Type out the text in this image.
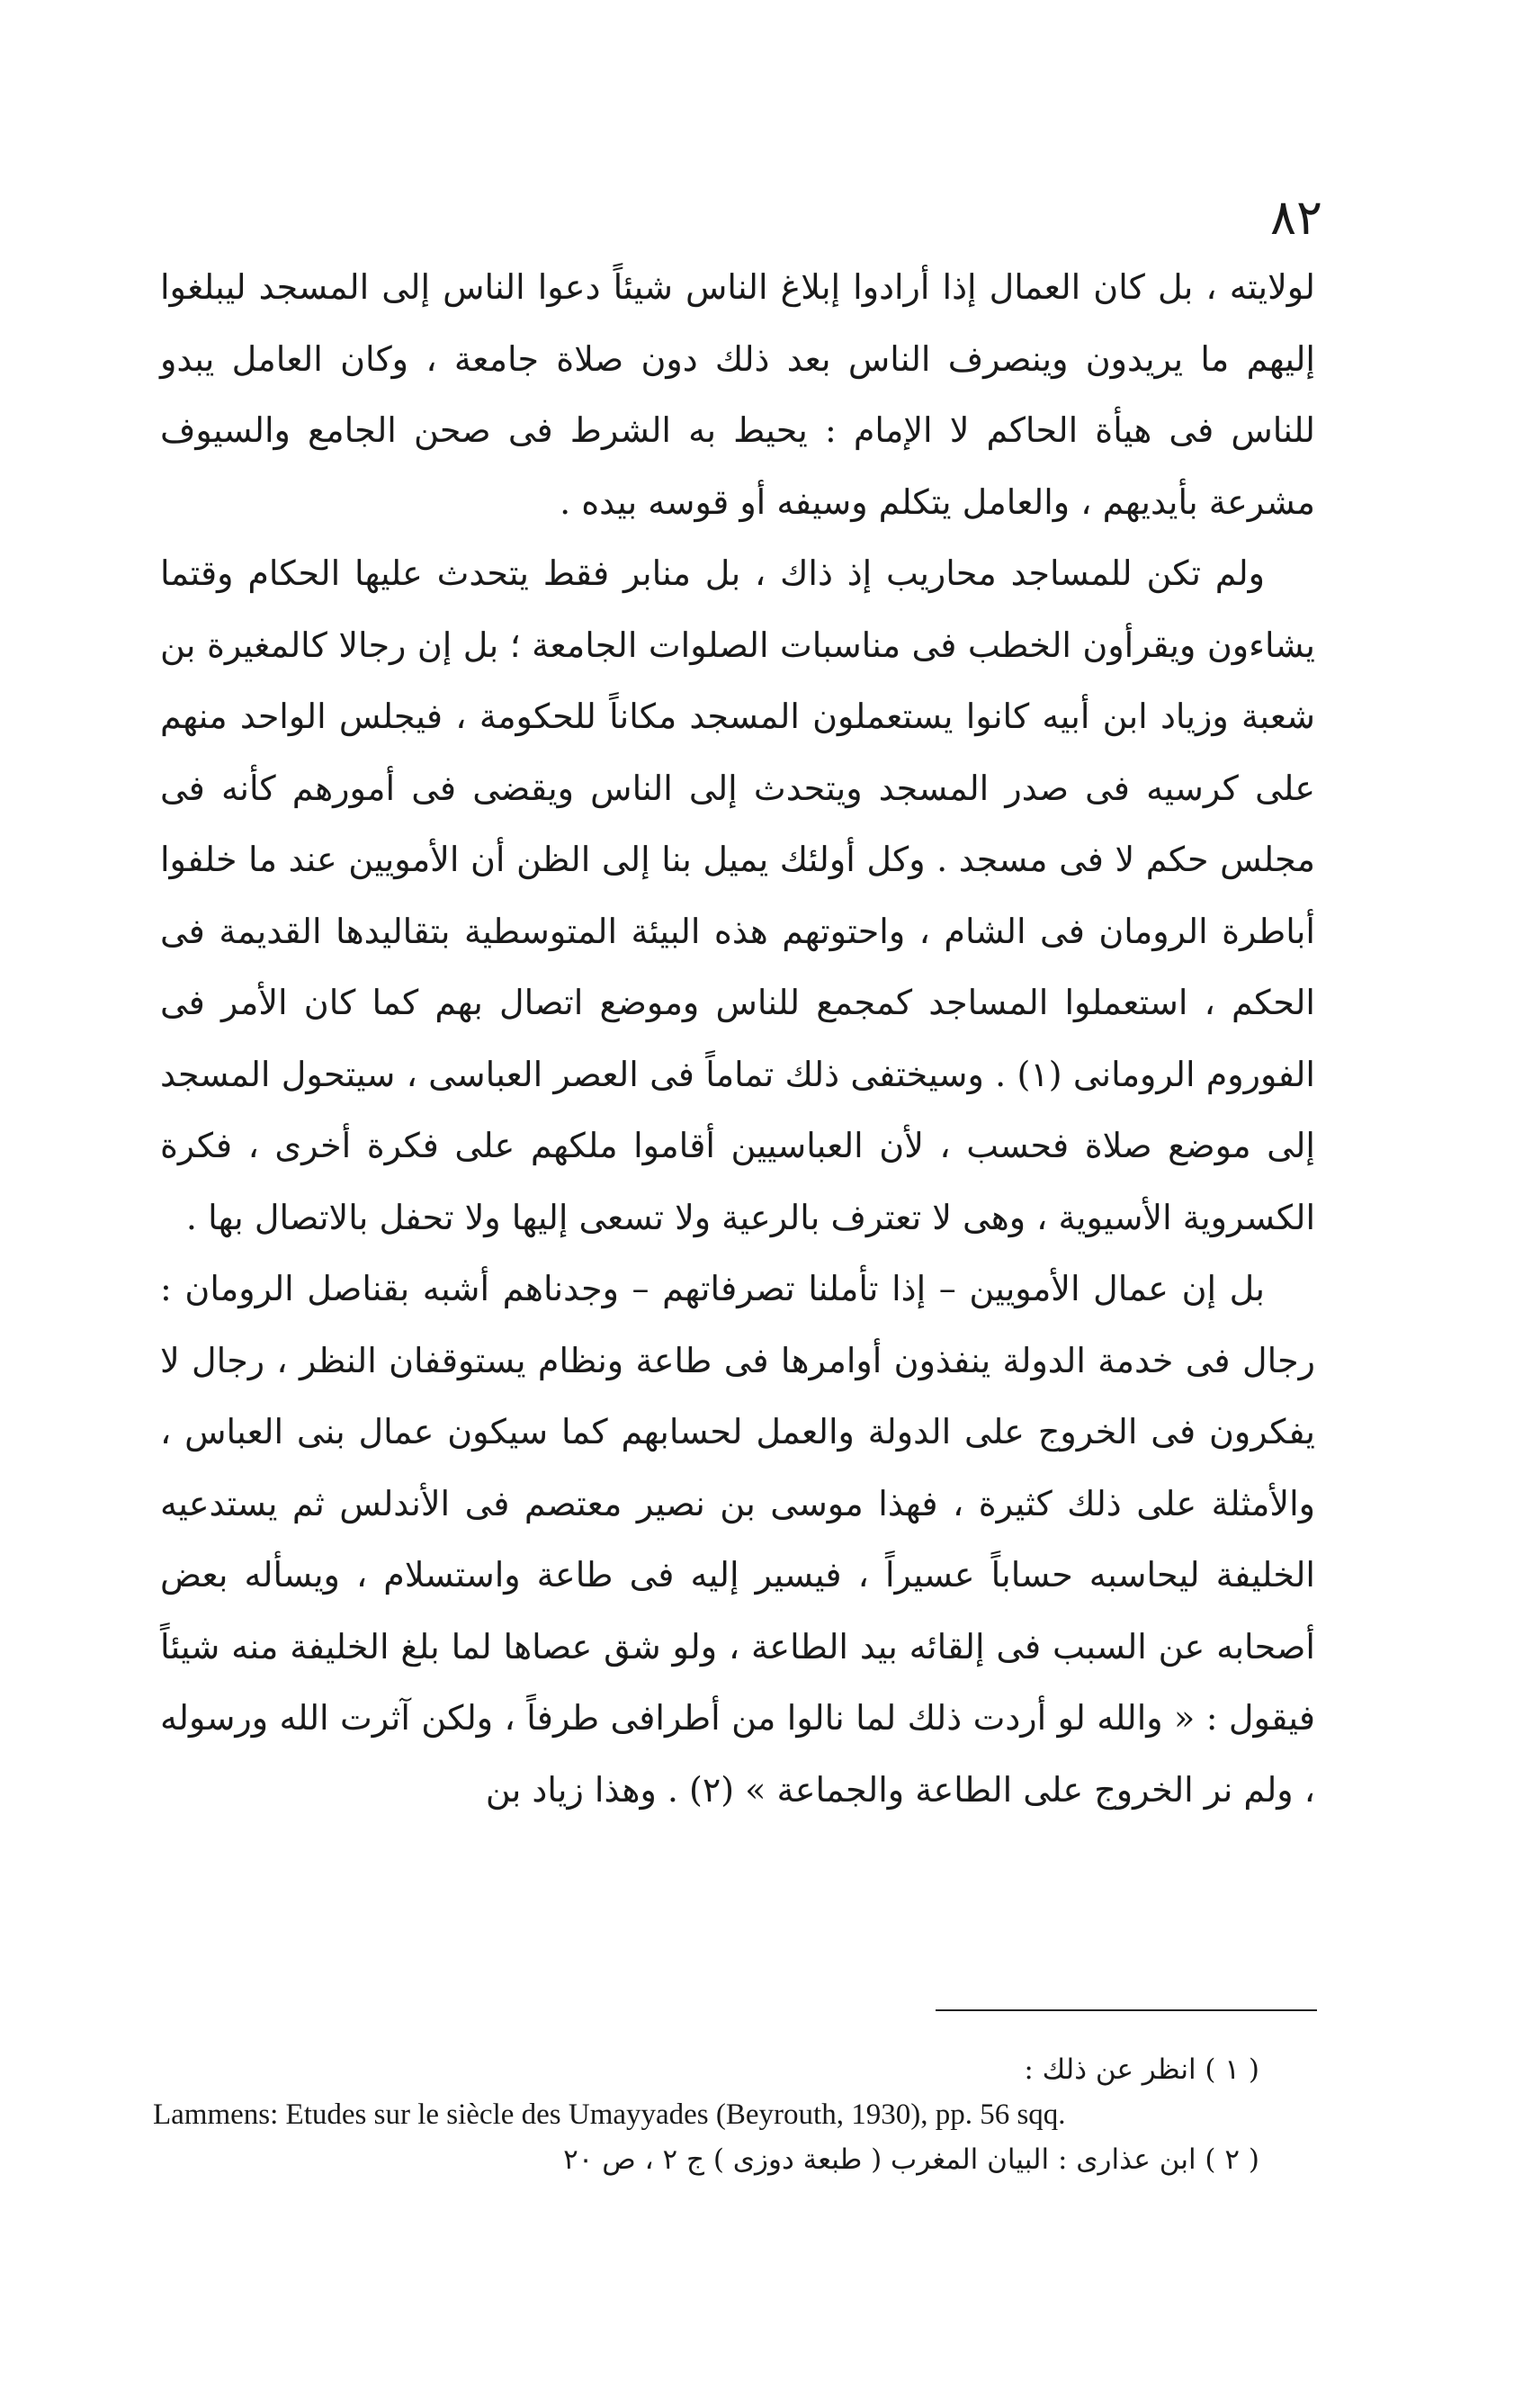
٨٢

لولايته ، بل كان العمال إذا أرادوا إبلاغ الناس شيئاً دعوا الناس إلى المسجد ليبلغوا إليهم ما يريدون وينصرف الناس بعد ذلك دون صلاة جامعة ، وكان العامل يبدو للناس فى هيأة الحاكم لا الإمام : يحيط به الشرط فى صحن الجامع والسيوف مشرعة بأيديهم ، والعامل يتكلم وسيفه أو قوسه بيده .

ولم تكن للمساجد محاريب إذ ذاك ، بل منابر فقط يتحدث عليها الحكام وقتما يشاءون ويقرأون الخطب فى مناسبات الصلوات الجامعة ؛ بل إن رجالا كالمغيرة بن شعبة وزياد ابن أبيه كانوا يستعملون المسجد مكاناً للحكومة ، فيجلس الواحد منهم على كرسيه فى صدر المسجد ويتحدث إلى الناس ويقضى فى أمورهم كأنه فى مجلس حكم لا فى مسجد . وكل أولئك يميل بنا إلى الظن أن الأمويين عند ما خلفوا أباطرة الرومان فى الشام ، واحتوتهم هذه البيئة المتوسطية بتقاليدها القديمة فى الحكم ، استعملوا المساجد كمجمع للناس وموضع اتصال بهم كما كان الأمر فى الفوروم الرومانى (١) . وسيختفى ذلك تماماً فى العصر العباسى ، سيتحول المسجد إلى موضع صلاة فحسب ، لأن العباسيين أقاموا ملكهم على فكرة أخرى ، فكرة الكسروية الأسيوية ، وهى لا تعترف بالرعية ولا تسعى إليها ولا تحفل بالاتصال بها .

بل إن عمال الأمويين – إذا تأملنا تصرفاتهم – وجدناهم أشبه بقناصل الرومان : رجال فى خدمة الدولة ينفذون أوامرها فى طاعة ونظام يستوقفان النظر ، رجال لا يفكرون فى الخروج على الدولة والعمل لحسابهم كما سيكون عمال بنى العباس ، والأمثلة على ذلك كثيرة ، فهذا موسى بن نصير معتصم فى الأندلس ثم يستدعيه الخليفة ليحاسبه حساباً عسيراً ، فيسير إليه فى طاعة واستسلام ، ويسأله بعض أصحابه عن السبب فى إلقائه بيد الطاعة ، ولو شق عصاها لما بلغ الخليفة منه شيئاً فيقول : « والله لو أردت ذلك لما نالوا من أطرافى طرفاً ، ولكن آثرت الله ورسوله ، ولم نر الخروج على الطاعة والجماعة » (٢) . وهذا زياد بن

( ١ ) انظر عن ذلك :

Lammens: Etudes sur le siècle des Umayyades (Beyrouth, 1930), pp. 56 sqq.

( ٢ ) ابن عذارى : البيان المغرب ( طبعة دوزى ) ج ٢ ، ص ٢٠
